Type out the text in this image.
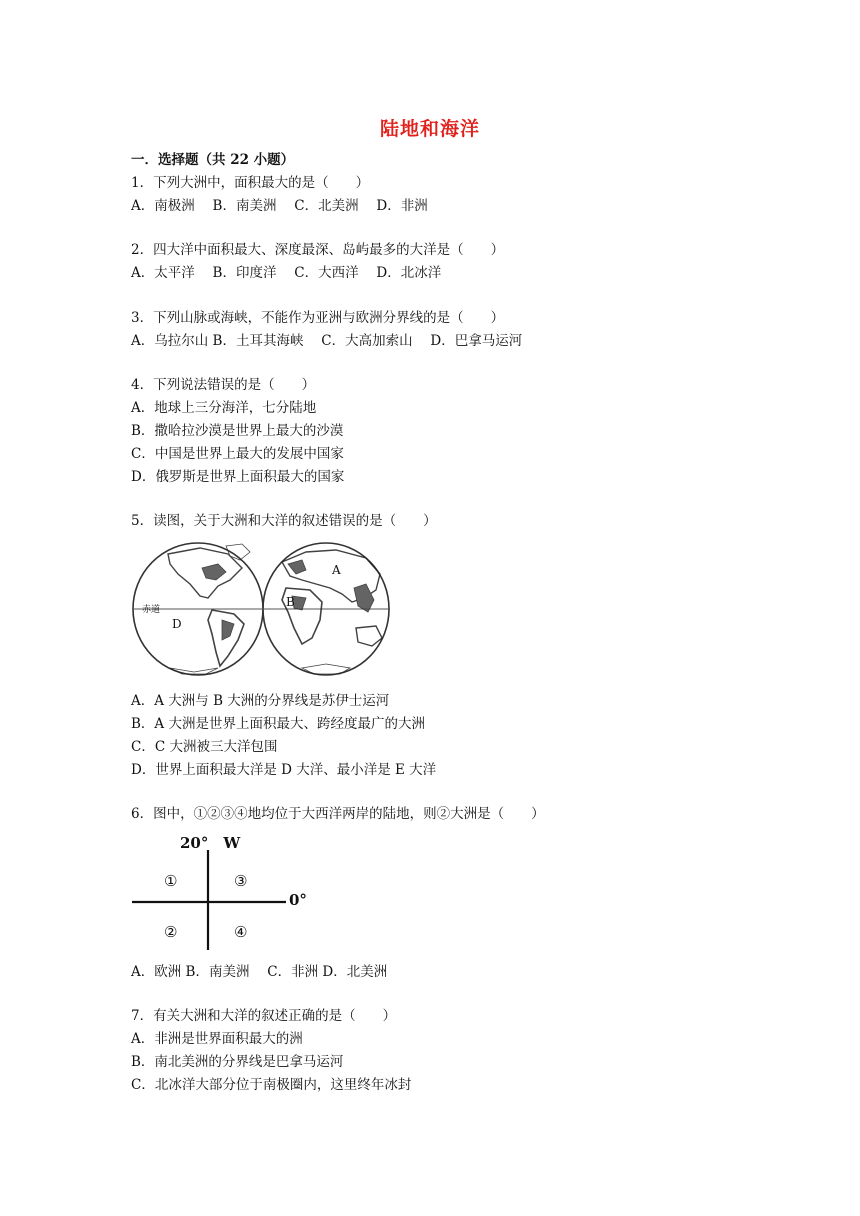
陆地和海洋
一．选择题（共 22 小题）
1．下列大洲中，面积最大的是（　　）
A．南极洲　 B．南美洲　 C．北美洲　 D．非洲
2．四大洋中面积最大、深度最深、岛屿最多的大洋是（　　）
A．太平洋　 B．印度洋　 C．大西洋　 D．北冰洋
3．下列山脉或海峡，不能作为亚洲与欧洲分界线的是（　　）
A．乌拉尔山 B．土耳其海峡　 C．大高加索山　 D．巴拿马运河
4．下列说法错误的是（　　）
A．地球上三分海洋，七分陆地
B．撒哈拉沙漠是世界上最大的沙漠
C．中国是世界上最大的发展中国家
D．俄罗斯是世界上面积最大的国家
5．读图，关于大洲和大洋的叙述错误的是（　　）
赤道
D
B
A
A．A 大洲与 B 大洲的分界线是苏伊士运河
B．A 大洲是世界上面积最大、跨经度最广的大洲
C．C 大洲被三大洋包围
D．世界上面积最大洋是 D 大洋、最小洋是 E 大洋
6．图中，①②③④地均位于大西洋两岸的陆地，则②大洲是（　　）
20°　W
0°
①	③
②	④
A．欧洲 B．南美洲　 C．非洲 D．北美洲
7．有关大洲和大洋的叙述正确的是（　　）
A．非洲是世界面积最大的洲
B．南北美洲的分界线是巴拿马运河
C．北冰洋大部分位于南极圈内，这里终年冰封
